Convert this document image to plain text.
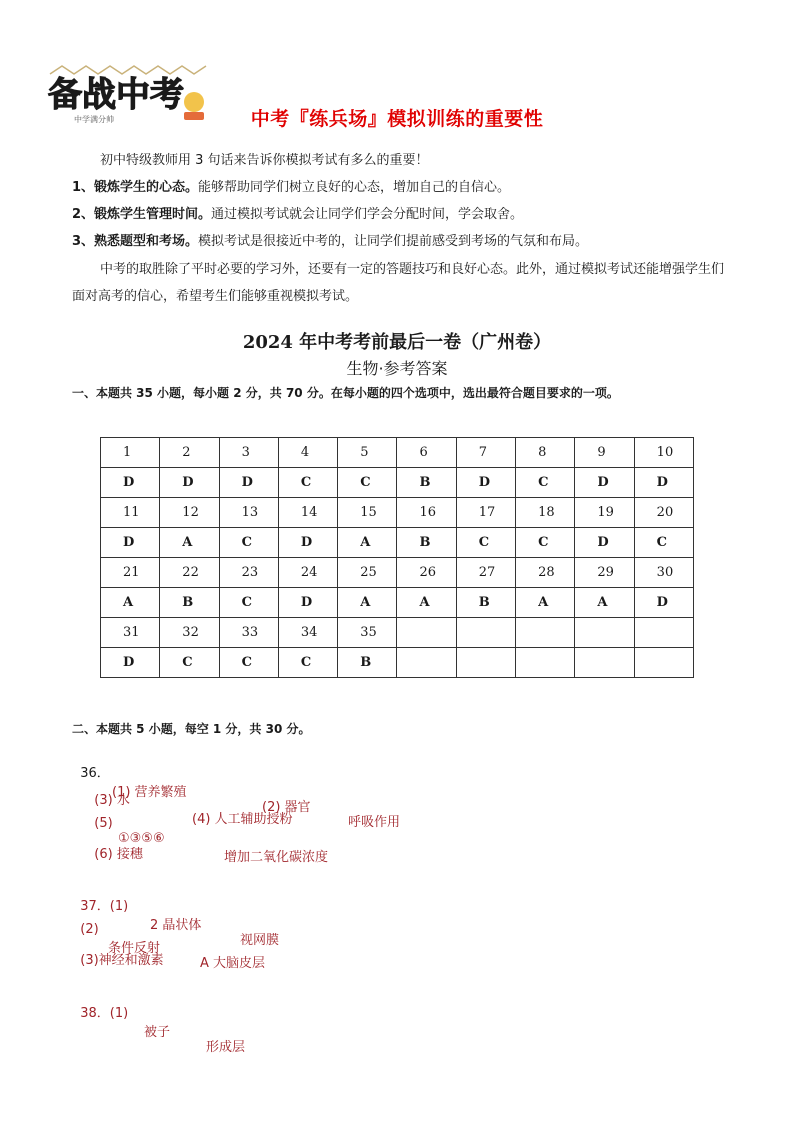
备战中考
中学满分帅	中考『练兵场』模拟训练的重要性
初中特级教师用 3 句话来告诉你模拟考试有多么的重要！
1、锻炼学生的心态。能够帮助同学们树立良好的心态，增加自己的自信心。
2、锻炼学生管理时间。通过模拟考试就会让同学们学会分配时间，学会取舍。
3、熟悉题型和考场。模拟考试是很接近中考的，让同学们提前感受到考场的气氛和布局。
中考的取胜除了平时必要的学习外，还要有一定的答题技巧和良好心态。此外，通过模拟考试还能增强学生们面对高考的信心，希望考生们能够重视模拟考试。
2024 年中考考前最后一卷（广州卷）
生物·参考答案
一、本题共 35 小题，每小题 2 分，共 70 分。在每小题的四个选项中，选出最符合题目要求的一项。
1	2	3	4	5	6	7	8	9	10
D	D	D	C	C	B	D	C	D	D
11	12	13	14	15	16	17	18	19	20
D	A	C	D	A	B	C	C	D	C
21	22	23	24	25	26	27	28	29	30
A	B	C	D	A	A	B	A	A	D
31	32	33	34	35					
D	C	C	C	B					
二、本题共 5 小题，每空 1 分，共 30 分。

36．

(1) 营养繁殖

(2) 器官

呼吸作用

(3) 水

(4) 人工辅助授粉

(5)

①③⑤⑥

增加二氧化碳浓度

(6) 接穗

37．(1)

2 晶状体

视网膜

(2)

条件反射

A 大脑皮层

(3)神经和激素

38．(1)

被子

形成层
